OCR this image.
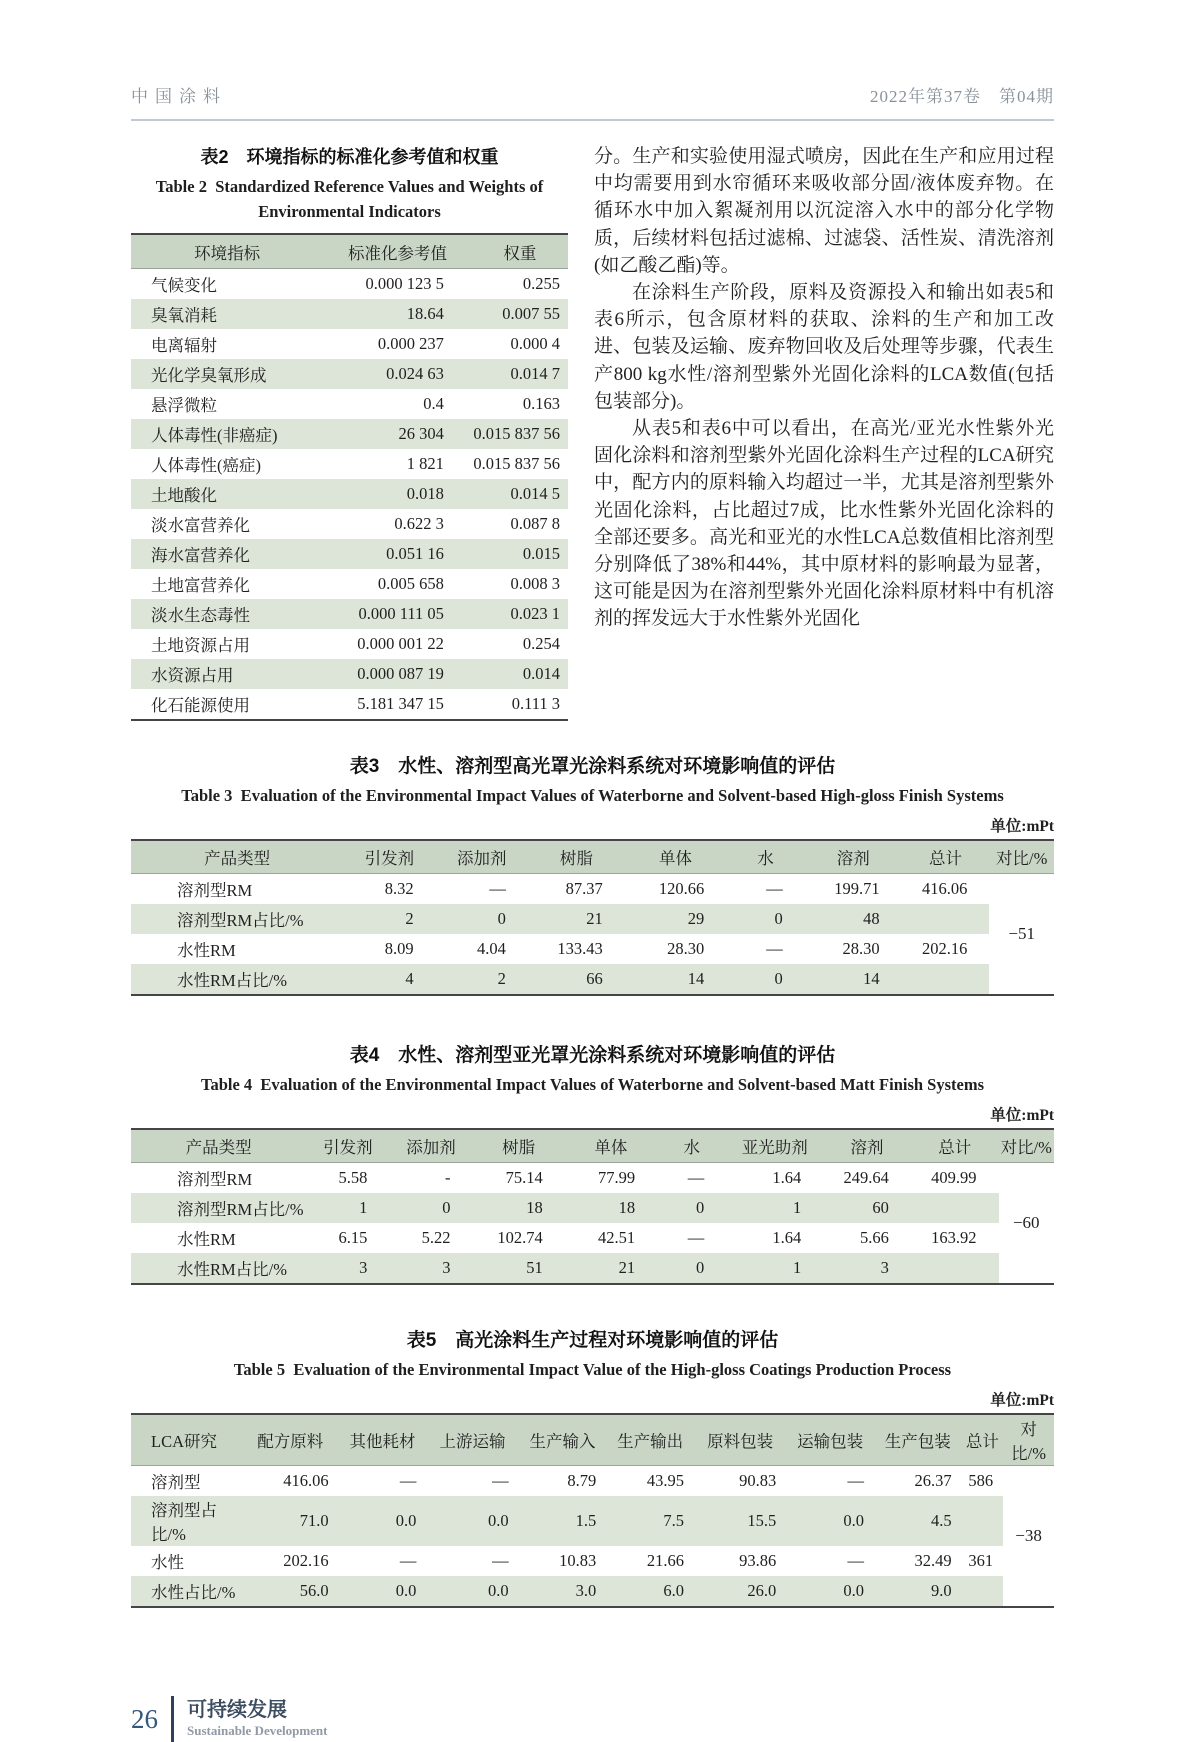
中国涂料	2022年第37卷　第04期
表2　环境指标的标准化参考值和权重
Table 2  Standardized Reference Values and Weights of
Environmental Indicators
环境指标	标准化参考值	权重
气候变化	0.000 123 5	0.255
臭氧消耗	18.64	0.007 55
电离辐射	0.000 237	0.000 4
光化学臭氧形成	0.024 63	0.014 7
悬浮微粒	0.4	0.163
人体毒性(非癌症)	26 304	0.015 837 56
人体毒性(癌症)	1 821	0.015 837 56
土地酸化	0.018	0.014 5
淡水富营养化	0.622 3	0.087 8
海水富营养化	0.051 16	0.015
土地富营养化	0.005 658	0.008 3
淡水生态毒性	0.000 111 05	0.023 1
土地资源占用	0.000 001 22	0.254
水资源占用	0.000 087 19	0.014
化石能源使用	5.181 347 15	0.111 3

分。生产和实验使用湿式喷房，因此在生产和应用过程中均需要用到水帘循环来吸收部分固/液体废弃物。在循环水中加入絮凝剂用以沉淀溶入水中的部分化学物质，后续材料包括过滤棉、过滤袋、活性炭、清洗溶剂(如乙酸乙酯)等。

在涂料生产阶段，原料及资源投入和输出如表5和表6所示，包含原材料的获取、涂料的生产和加工改进、包装及运输、废弃物回收及后处理等步骤，代表生产800 kg水性/溶剂型紫外光固化涂料的LCA数值(包括包装部分)。

从表5和表6中可以看出，在高光/亚光水性紫外光固化涂料和溶剂型紫外光固化涂料生产过程的LCA研究中，配方内的原料输入均超过一半，尤其是溶剂型紫外光固化涂料，占比超过7成，比水性紫外光固化涂料的全部还要多。高光和亚光的水性LCA总数值相比溶剂型分别降低了38%和44%，其中原材料的影响最为显著，这可能是因为在溶剂型紫外光固化涂料原材料中有机溶剂的挥发远大于水性紫外光固化

表3　水性、溶剂型高光罩光涂料系统对环境影响值的评估
Table 3  Evaluation of the Environmental Impact Values of Waterborne and Solvent-based High-gloss Finish Systems
单位:mPt
产品类型	引发剂	添加剂	树脂	单体	水	溶剂	总计	对比/%
溶剂型RM	8.32	—	87.37	120.66	—	199.71	416.06	−51
溶剂型RM占比/%	2	0	21	29	0	48		
水性RM	8.09	4.04	133.43	28.30	—	28.30	202.16	
水性RM占比/%	4	2	66	14	0	14		
表4　水性、溶剂型亚光罩光涂料系统对环境影响值的评估
Table 4  Evaluation of the Environmental Impact Values of Waterborne and Solvent-based Matt Finish Systems
单位:mPt
产品类型	引发剂	添加剂	树脂	单体	水	亚光助剂	溶剂	总计	对比/%
溶剂型RM	5.58	-	75.14	77.99	—	1.64	249.64	409.99	−60
溶剂型RM占比/%	1	0	18	18	0	1	60		
水性RM	6.15	5.22	102.74	42.51	—	1.64	5.66	163.92	
水性RM占比/%	3	3	51	21	0	1	3		
表5　高光涂料生产过程对环境影响值的评估
Table 5  Evaluation of the Environmental Impact Value of the High-gloss Coatings Production Process
单位:mPt
LCA研究	配方原料	其他耗材	上游运输	生产输入	生产输出	原料包装	运输包装	生产包装	总计	对比/%
溶剂型	416.06	—	—	8.79	43.95	90.83	—	26.37	586	−38
溶剂型占比/%	71.0	0.0	0.0	1.5	7.5	15.5	0.0	4.5		
水性	202.16	—	—	10.83	21.66	93.86	—	32.49	361	
水性占比/%	56.0	0.0	0.0	3.0	6.0	26.0	0.0	9.0		
26 可持续发展
Sustainable Development
